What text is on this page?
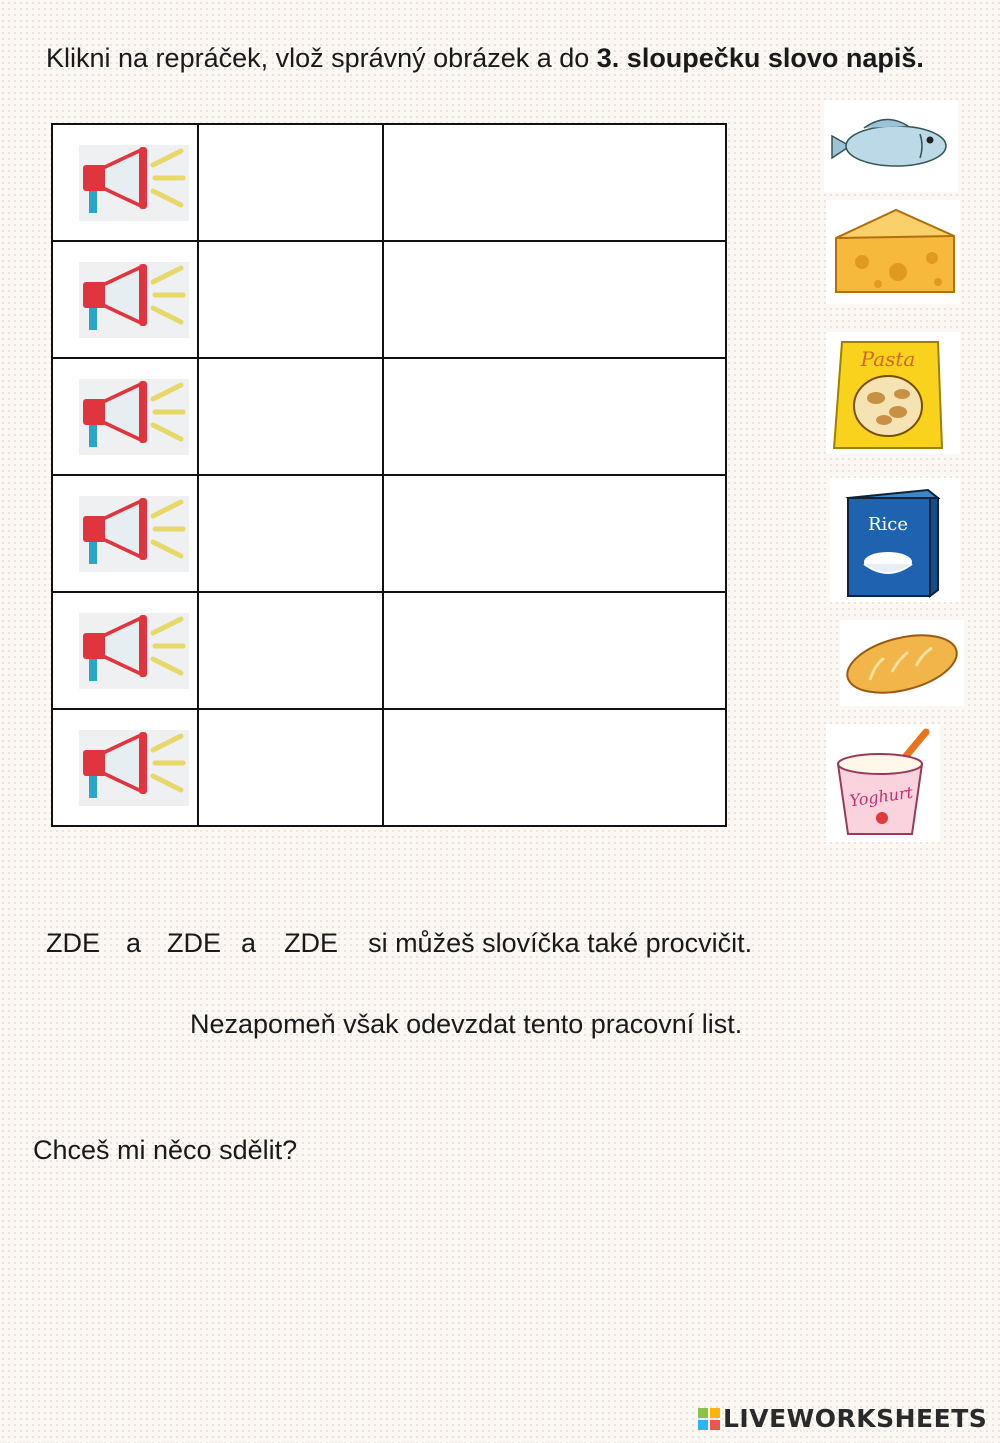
Klikni na repráček, vlož správný obrázek a do 3. sloupečku slovo napiš.

Pasta
Rice
Yoghurt
ZDE a ZDE a ZDE si můžeš slovíčka také procvičit.
Nezapomeň však odevzdat tento pracovní list.
Chceš mi něco sdělit?
LIVEWORKSHEETS
